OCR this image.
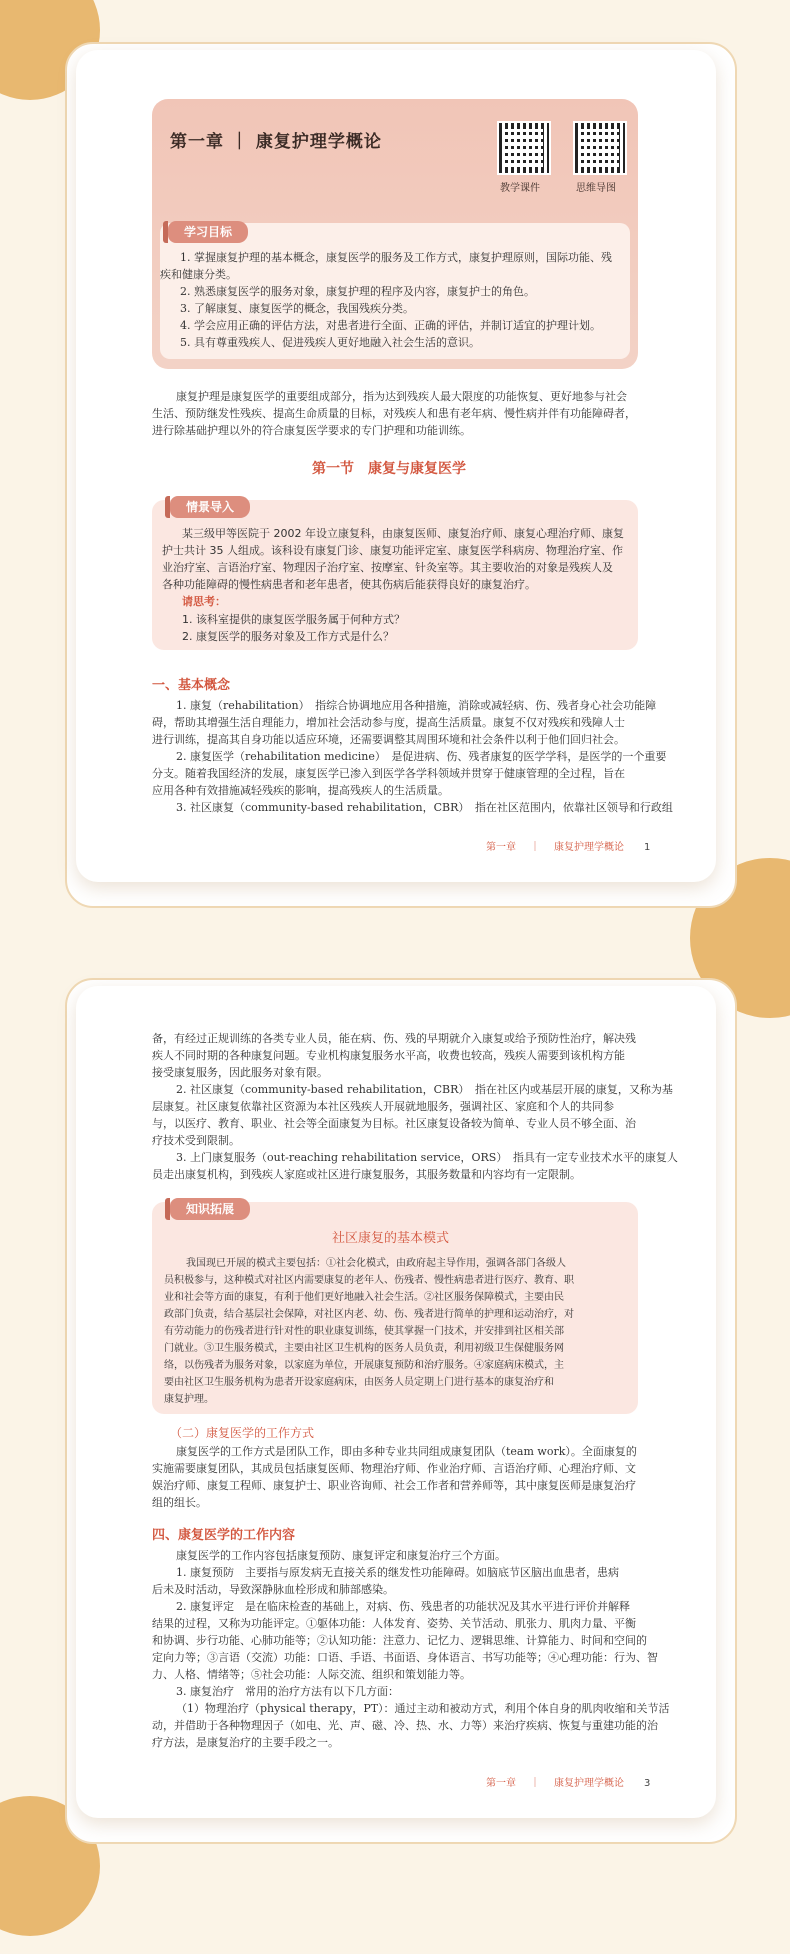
第一章 ｜ 康复护理学概论
教学课件	思维导图
学习目标
1. 掌握康复护理的基本概念，康复医学的服务及工作方式，康复护理原则，国际功能、残
疾和健康分类。
2. 熟悉康复医学的服务对象，康复护理的程序及内容，康复护士的角色。
3. 了解康复、康复医学的概念，我国残疾分类。
4. 学会应用正确的评估方法，对患者进行全面、正确的评估，并制订适宜的护理计划。
5. 具有尊重残疾人、促进残疾人更好地融入社会生活的意识。
康复护理是康复医学的重要组成部分，指为达到残疾人最大限度的功能恢复、更好地参与社会
生活、预防继发性残疾、提高生命质量的目标，对残疾人和患有老年病、慢性病并伴有功能障碍者，
进行除基础护理以外的符合康复医学要求的专门护理和功能训练。
第一节　康复与康复医学
情景导入
某三级甲等医院于 2002 年设立康复科，由康复医师、康复治疗师、康复心理治疗师、康复
护士共计 35 人组成。该科设有康复门诊、康复功能评定室、康复医学科病房、物理治疗室、作
业治疗室、言语治疗室、物理因子治疗室、按摩室、针灸室等。其主要收治的对象是残疾人及
各种功能障碍的慢性病患者和老年患者，使其伤病后能获得良好的康复治疗。
请思考：
1. 该科室提供的康复医学服务属于何种方式？
2. 康复医学的服务对象及工作方式是什么？
一、基本概念
1. 康复（rehabilitation）　指综合协调地应用各种措施，消除或减轻病、伤、残者身心社会功能障
碍，帮助其增强生活自理能力，增加社会活动参与度，提高生活质量。康复不仅对残疾和残障人士
进行训练，提高其自身功能以适应环境，还需要调整其周围环境和社会条件以利于他们回归社会。
2. 康复医学（rehabilitation medicine）　是促进病、伤、残者康复的医学学科，是医学的一个重要
分支。随着我国经济的发展，康复医学已渗入到医学各学科领域并贯穿于健康管理的全过程，旨在
应用各种有效措施减轻残疾的影响，提高残疾人的生活质量。
3. 社区康复（community-based rehabilitation，CBR）　指在社区范围内，依靠社区领导和行政组
第一章 ｜ 康复护理学概论 1
备，有经过正规训练的各类专业人员，能在病、伤、残的早期就介入康复或给予预防性治疗，解决残
疾人不同时期的各种康复问题。专业机构康复服务水平高，收费也较高，残疾人需要到该机构方能
接受康复服务，因此服务对象有限。
2. 社区康复（community-based rehabilitation，CBR）　指在社区内或基层开展的康复，又称为基
层康复。社区康复依靠社区资源为本社区残疾人开展就地服务，强调社区、家庭和个人的共同参
与，以医疗、教育、职业、社会等全面康复为目标。社区康复设备较为简单、专业人员不够全面、治
疗技术受到限制。
3. 上门康复服务（out-reaching rehabilitation service，ORS）　指具有一定专业技术水平的康复人
员走出康复机构，到残疾人家庭或社区进行康复服务，其服务数量和内容均有一定限制。
知识拓展
社区康复的基本模式
我国现已开展的模式主要包括：①社会化模式，由政府起主导作用，强调各部门各级人
员积极参与，这种模式对社区内需要康复的老年人、伤残者、慢性病患者进行医疗、教育、职
业和社会等方面的康复，有利于他们更好地融入社会生活。②社区服务保障模式，主要由民
政部门负责，结合基层社会保障，对社区内老、幼、伤、残者进行简单的护理和运动治疗，对
有劳动能力的伤残者进行针对性的职业康复训练，使其掌握一门技术，并安排到社区相关部
门就业。③卫生服务模式，主要由社区卫生机构的医务人员负责，利用初级卫生保健服务网
络，以伤残者为服务对象，以家庭为单位，开展康复预防和治疗服务。④家庭病床模式，主
要由社区卫生服务机构为患者开设家庭病床，由医务人员定期上门进行基本的康复治疗和
康复护理。
（二）康复医学的工作方式
康复医学的工作方式是团队工作，即由多种专业共同组成康复团队（team work）。全面康复的
实施需要康复团队，其成员包括康复医师、物理治疗师、作业治疗师、言语治疗师、心理治疗师、文
娱治疗师、康复工程师、康复护士、职业咨询师、社会工作者和营养师等，其中康复医师是康复治疗
组的组长。
四、康复医学的工作内容
康复医学的工作内容包括康复预防、康复评定和康复治疗三个方面。
1. 康复预防　主要指与原发病无直接关系的继发性功能障碍。如脑底节区脑出血患者，患病
后未及时活动，导致深静脉血栓形成和肺部感染。
2. 康复评定　是在临床检查的基础上，对病、伤、残患者的功能状况及其水平进行评价并解释
结果的过程，又称为功能评定。①躯体功能：人体发育、姿势、关节活动、肌张力、肌肉力量、平衡
和协调、步行功能、心肺功能等；②认知功能：注意力、记忆力、逻辑思维、计算能力、时间和空间的
定向力等；③言语（交流）功能：口语、手语、书面语、身体语言、书写功能等；④心理功能：行为、智
力、人格、情绪等；⑤社会功能：人际交流、组织和策划能力等。
3. 康复治疗　常用的治疗方法有以下几方面：
（1）物理治疗（physical therapy，PT）：通过主动和被动方式，利用个体自身的肌肉收缩和关节活
动，并借助于各种物理因子（如电、光、声、磁、冷、热、水、力等）来治疗疾病、恢复与重建功能的治
疗方法，是康复治疗的主要手段之一。
第一章 ｜ 康复护理学概论 3
